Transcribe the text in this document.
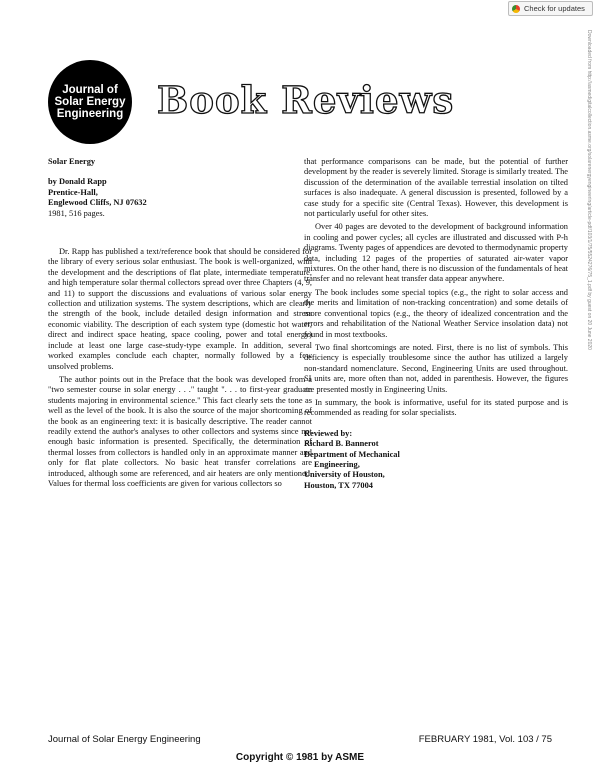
Check for updates
Journal of
Solar Energy
Engineering Book Reviews	Downloaded from http://asmedigitalcollection.asme.org/solarenergyengineering/article-pdf/103/1/75/5524276/75_1.pdf by guest on 20 June 2020

Solar Energy

by Donald Rapp

Prentice-Hall,

Englewood Cliffs, NJ 07632

1981, 516 pages.

Dr. Rapp has published a text/reference book that should be considered for the library of every serious solar enthusiast. The book is well-organized, with the development and the descriptions of flat plate, intermediate temperature, and high temperature solar thermal collectors spread over three Chapters (4, 9, and 11) to support the discussions and evaluations of various solar energy collection and utilization systems. The system descriptions, which are clearly the strength of the book, include detailed design information and stress economic viability. The description of each system type (domestic hot water, direct and indirect space heating, space cooling, power and total energy) include at least one large case-study-type example. In addition, several worked examples conclude each chapter, normally followed by a few unsolved problems.

The author points out in the Preface that the book was developed from a "two semester course in solar energy . . ." taught ". . . to first-year graduate students majoring in environmental science." This fact clearly sets the tone as well as the level of the book. It is also the source of the major shortcoming of the book as an engineering text: it is basically descriptive. The reader cannot readily extend the author's analyses to other collectors and systems since not enough basic information is presented. Specifically, the determination of thermal losses from collectors is handled only in an approximate manner and only for flat plate collectors. No basic heat transfer correlations are introduced, although some are referenced, and air heaters are only mentioned. Values for thermal loss coefficients are given for various collectors so

that performance comparisons can be made, but the potential of further development by the reader is severely limited. Storage is similarly treated. The discussion of the determination of the available terrestial insolation on tilted surfaces is also inadequate. A general discussion is presented, followed by a case study for a specific site (Central Texas). However, this development is not particularly useful for other sites.

Over 40 pages are devoted to the development of background information in cooling and power cycles; all cycles are illustrated and discussed with P-h diagrams. Twenty pages of appendices are devoted to thermodynamic property data, including 12 pages of the properties of saturated air-water vapor mixtures. On the other hand, there is no discussion of the fundamentals of heat transfer and no relevant heat transfer data appear anywhere.

The book includes some special topics (e.g., the right to solar access and the merits and limitation of non-tracking concentration) and some details of more conventional topics (e.g., the theory of idealized concentration and the errors and rehabilitation of the National Weather Service insolation data) not found in most textbooks.

Two final shortcomings are noted. First, there is no list of symbols. This deficiency is especially troublesome since the author has utilized a largely non-standard nomenclature. Second, Engineering Units are used throughout. SI units are, more often than not, added in parenthesis. However, the figures are presented mostly in Engineering Units.

In summary, the book is informative, useful for its stated purpose and is recommended as reading for solar specialists.

Reviewed by:

Richard B. Bannerot

Department of Mechanical

Engineering,

University of Houston,

Houston, TX 77004

Journal of Solar Energy Engineering	FEBRUARY 1981, Vol. 103 / 75
Copyright © 1981 by ASME
